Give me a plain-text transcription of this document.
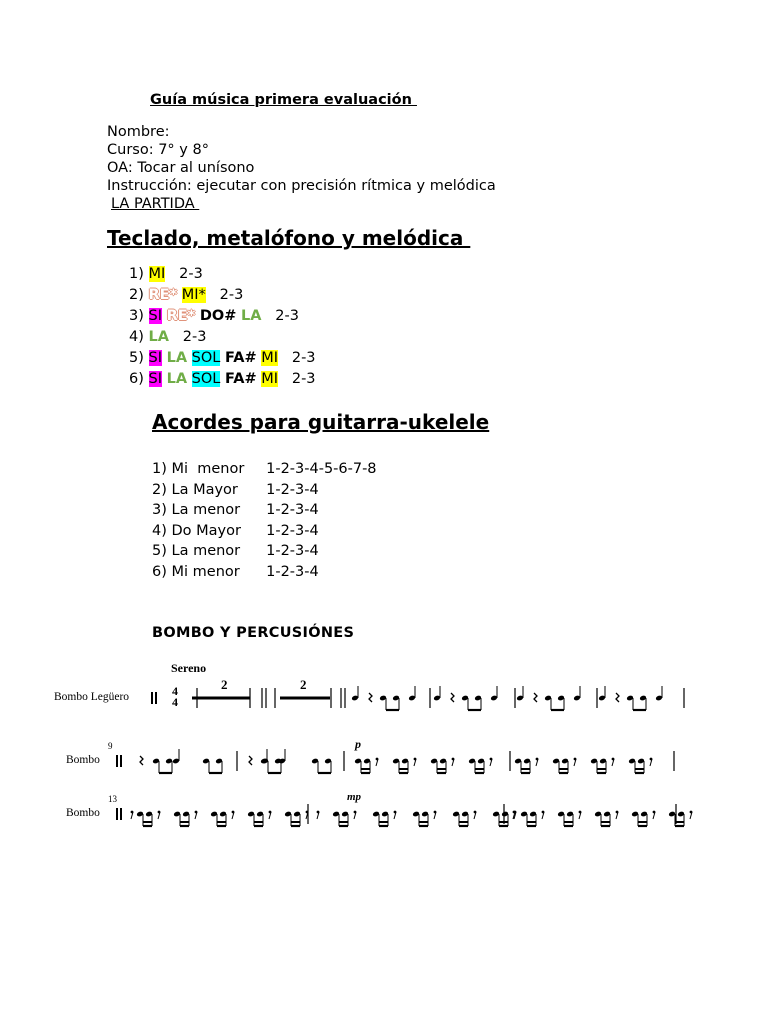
Guía música primera evaluación
Nombre:
Curso: 7° y 8°
OA: Tocar al unísono
Instrucción: ejecutar con precisión rítmica y melódica
LA PARTIDA
Teclado, metalófono y melódica
1) MI 2-3
2) RE* MI* 2-3
3) SI RE* DO# LA 2-3
4) LA 2-3
5) SI LA SOL FA# MI 2-3
6) SI LA SOL FA# MI 2-3
Acordes para guitarra-ukelele
1) Mi  menor 1-2-3-4-5-6-7-8
2) La Mayor 1-2-3-4
3) La menor 1-2-3-4
4) Do Mayor 1-2-3-4
5) La menor 1-2-3-4
6) Mi menor 1-2-3-4
BOMBO Y PERCUSIÓNES
Sereno
Bombo Legüero
9
Bombo
13
Bombo
4
4
2	2
p
mp
